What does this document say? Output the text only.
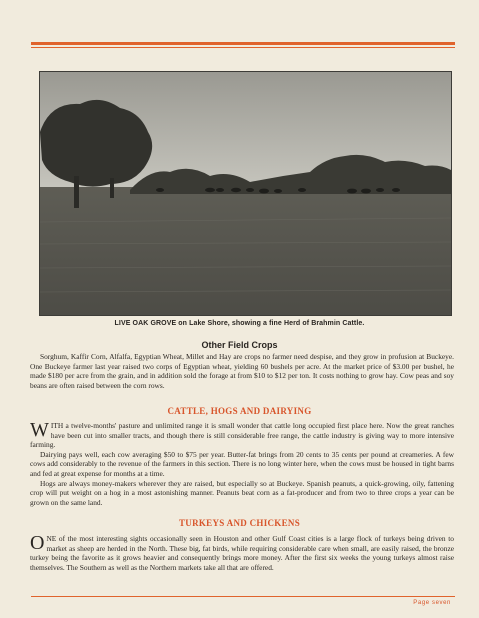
LIVE OAK GROVE on Lake Shore, showing a fine Herd of Brahmin Cattle.
Other Field Crops

Sorghum, Kaffir Corn, Alfalfa, Egyptian Wheat, Millet and Hay are crops no farmer need despise, and they grow in profusion at Buckeye. One Buckeye farmer last year raised two corps of Egyptian wheat, yielding 60 bushels per acre. At the market price of $3.00 per bushel, he made $180 per acre from the grain, and in addition sold the forage at from $10 to $12 per ton. It costs nothing to grow hay. Cow peas and soy beans are often raised between the corn rows.

CATTLE, HOGS AND DAIRYING

WITH a twelve-months' pasture and unlimited range it is small wonder that cattle long occupied first place here. Now the great ranches have been cut into smaller tracts, and though there is still considerable free range, the cattle industry is giving way to more intensive farming.

Dairying pays well, each cow averaging $50 to $75 per year. Butter-fat brings from 20 cents to 35 cents per pound at creameries. A few cows add considerably to the revenue of the farmers in this section. There is no long winter here, when the cows must be housed in tight barns and fed at great expense for months at a time.

Hogs are always money-makers wherever they are raised, but especially so at Buckeye. Spanish peanuts, a quick-growing, oily, fattening crop will put weight on a hog in a most astonishing manner. Peanuts beat corn as a fat-producer and from two to three crops a year can be grown on the same land.

TURKEYS AND CHICKENS

ONE of the most interesting sights occasionally seen in Houston and other Gulf Coast cities is a large flock of turkeys being driven to market as sheep are herded in the North. These big, fat birds, while requiring considerable care when small, are easily raised, the bronze turkey being the favorite as it grows heavier and consequently brings more money. After the first six weeks the young turkeys almost raise themselves. The Southern as well as the Northern markets take all that are offered.

Page seven
